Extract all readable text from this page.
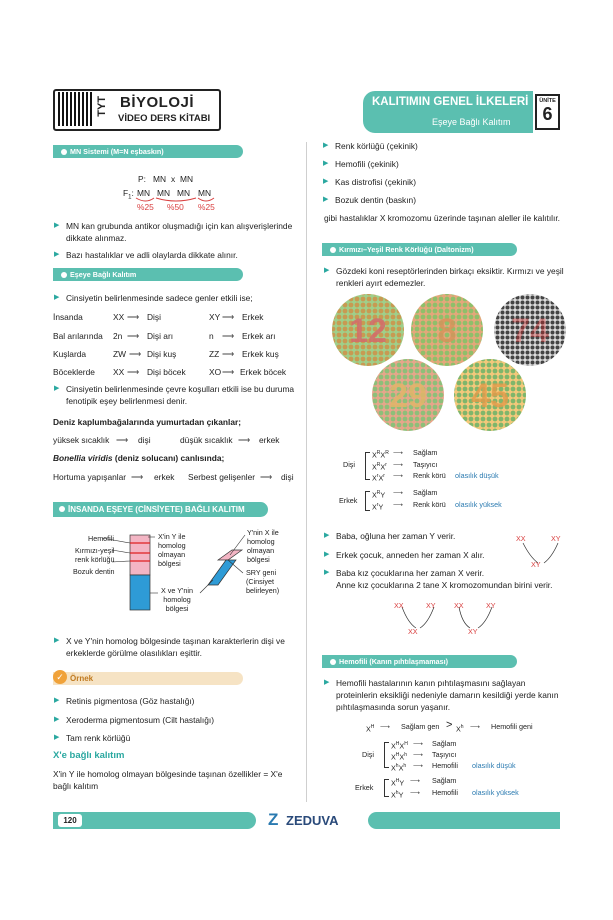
TYT BİYOLOJİ
VİDEO DERS KİTABI
KALITIMIN GENEL İLKELERİ
Eşeye Bağlı Kalıtım
ÜNİTE
6
MN Sistemi (M=N eşbaskın)
P: MN x MN
$F_1$: MN MN MN MN
%25 %50 %25
▶ MN kan grubunda antikor oluşmadığı için kan alışverişlerinde dikkate alınmaz.
▶ Bazı hastalıklar ve adli olaylarda dikkate alınır.
Eşeye Bağlı Kalıtım
▶ Cinsiyetin belirlenmesinde sadece genler etkili ise;
İnsanda	XX ⟶ Dişi	XY ⟶ Erkek
Bal arılarında 2n ⟶ Dişi arı	n ⟶ Erkek arı
Kuşlarda	ZW ⟶ Dişi kuş	ZZ ⟶ Erkek kuş
Böceklerde XX ⟶ Dişi böcek	XO ⟶ Erkek böcek
▶ Cinsiyetin belirlenmesinde çevre koşulları etkili ise bu duruma fenotipik eşey belirlenmesi denir.
Deniz kaplumbağalarında yumurtadan çıkanlar;
yüksek sıcaklık ⟶ dişi	düşük sıcaklık ⟶ erkek
Bonellia viridis (deniz solucanı) canlısında;
Hortuma yapışanlar ⟶ erkek Serbest gelişenler ⟶ dişi
İNSANDA EŞEYE (CİNSİYETE) BAĞLI KALITIM
Hemofili
Kırmızı-yeşil
renk körlüğü
Bozuk dentin
X'in Y ile
homolog
olmayan
bölgesi
Y'nin X ile
homolog
olmayan
bölgesi
SRY geni
(Cinsiyet
belirleyen)
X ve Y'nin
homolog
bölgesi
▶ X ve Y'nin homolog bölgesinde taşınan karakterlerin dişi ve erkeklerde görülme olasılıkları eşittir.
✓ Örnek
▶ Retinis pigmentosa (Göz hastalığı)
▶ Xeroderma pigmentosum (Cilt hastalığı)
▶ Tam renk körlüğü
X'e bağlı kalıtım
X'in Y ile homolog olmayan bölgesinde taşınan özellikler = X'e bağlı kalıtım
▶ Renk körlüğü (çekinik)
▶ Hemofili (çekinik)
▶ Kas distrofisi (çekinik)
▶ Bozuk dentin (baskın)
gibi hastalıklar X kromozomu üzerinde taşınan aleller ile kalıtılır.
Kırmızı–Yeşil Renk Körlüğü (Daltonizm)
▶ Gözdeki koni reseptörlerinden birkaçı eksiktir. Kırmızı ve yeşil renkleri ayırt edemezler.
12 8 74
29 45
Dişi
$X^RX^R$ ⟶ Sağlam
$X^RX^r$ ⟶ Taşıyıcı
$X^rX^r$ ⟶ Renk körü olasılık düşük
Erkek
$X^RY$ ⟶ Sağlam
$X^rY$ ⟶ Renk körü olasılık yüksek
▶ Baba, oğluna her zaman Y verir.
▶ Erkek çocuk, anneden her zaman X alır.
▶ Baba kız çocuklarına her zaman X verir.
Anne kız çocuklarına 2 tane X kromozomundan birini verir.
XX	XY
XY
XX	XY
XX
XX	XY
XY
Hemofili (Kanın pıhtılaşmaması)
▶ Hemofili hastalarının kanın pıhtılaşmasını sağlayan proteinlerin eksikliği nedeniyle damarın kesildiği yerde kanın pıhtılaşmasında sorun yaşanır.
$X^H$ ⟶ Sağlam gen > $X^h$ ⟶ Hemofili geni
Dişi
$X^HX^H$ ⟶ Sağlam
$X^HX^h$ ⟶ Taşıyıcı
$X^hX^h$ ⟶ Hemofili olasılık düşük
Erkek
$X^HY$ ⟶ Sağlam
$X^hY$ ⟶ Hemofili olasılık yüksek
120	Z ZEDUVA
